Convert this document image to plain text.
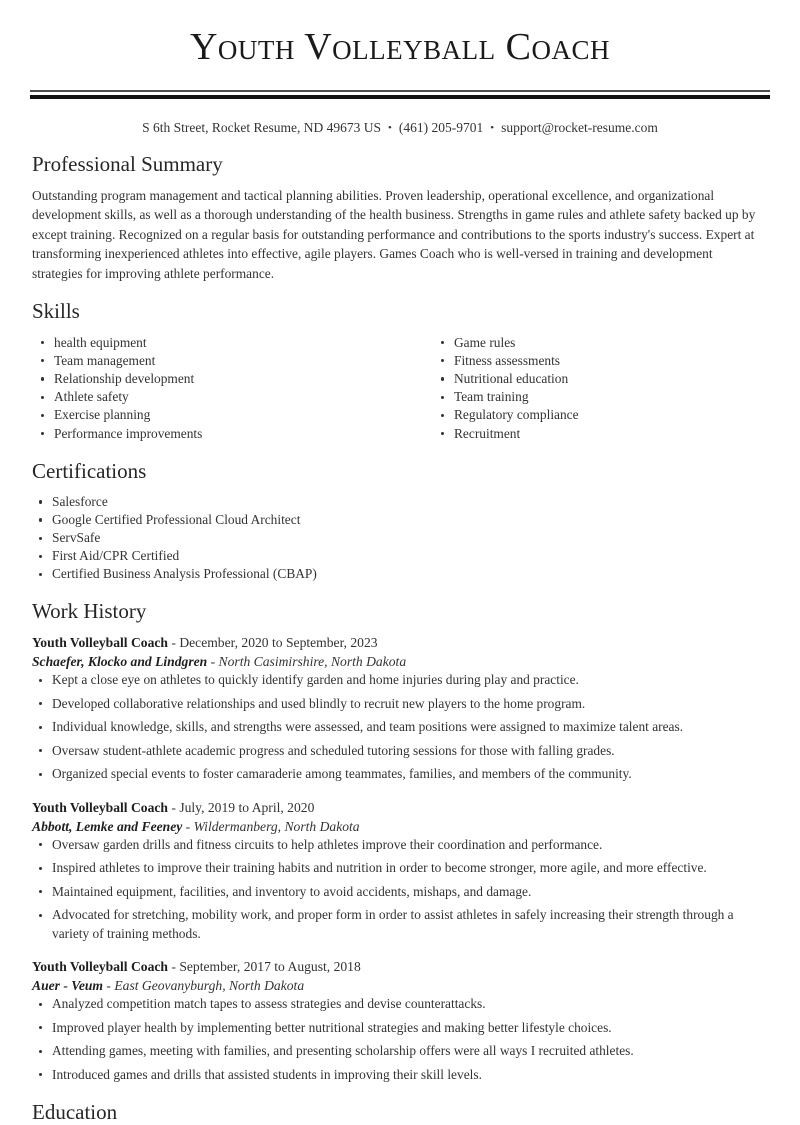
Youth Volleyball Coach
S 6th Street, Rocket Resume, ND 49673 US • (461) 205-9701 • support@rocket-resume.com
Professional Summary

Outstanding program management and tactical planning abilities. Proven leadership, operational excellence, and organizational development skills, as well as a thorough understanding of the health business. Strengths in game rules and athlete safety backed up by except training. Recognized on a regular basis for outstanding performance and contributions to the sports industry's success. Expert at transforming inexperienced athletes into effective, agile players. Games Coach who is well-versed in training and development strategies for improving athlete performance.

Skills
health equipment
Team management
Relationship development
Athlete safety
Exercise planning
Performance improvements
Game rules
Fitness assessments
Nutritional education
Team training
Regulatory compliance
Recruitment
Certifications
Salesforce
Google Certified Professional Cloud Architect
ServSafe
First Aid/CPR Certified
Certified Business Analysis Professional (CBAP)
Work History
Youth Volleyball Coach - December, 2020 to September, 2023
Schaefer, Klocko and Lindgren - North Casimirshire, North Dakota
Kept a close eye on athletes to quickly identify garden and home injuries during play and practice.
Developed collaborative relationships and used blindly to recruit new players to the home program.
Individual knowledge, skills, and strengths were assessed, and team positions were assigned to maximize talent areas.
Oversaw student-athlete academic progress and scheduled tutoring sessions for those with falling grades.
Organized special events to foster camaraderie among teammates, families, and members of the community.
Youth Volleyball Coach - July, 2019 to April, 2020
Abbott, Lemke and Feeney - Wildermanberg, North Dakota
Oversaw garden drills and fitness circuits to help athletes improve their coordination and performance.
Inspired athletes to improve their training habits and nutrition in order to become stronger, more agile, and more effective.
Maintained equipment, facilities, and inventory to avoid accidents, mishaps, and damage.
Advocated for stretching, mobility work, and proper form in order to assist athletes in safely increasing their strength through a variety of training methods.
Youth Volleyball Coach - September, 2017 to August, 2018
Auer - Veum - East Geovanyburgh, North Dakota
Analyzed competition match tapes to assess strategies and devise counterattacks.
Improved player health by implementing better nutritional strategies and making better lifestyle choices.
Attending games, meeting with families, and presenting scholarship offers were all ways I recruited athletes.
Introduced games and drills that assisted students in improving their skill levels.
Education
